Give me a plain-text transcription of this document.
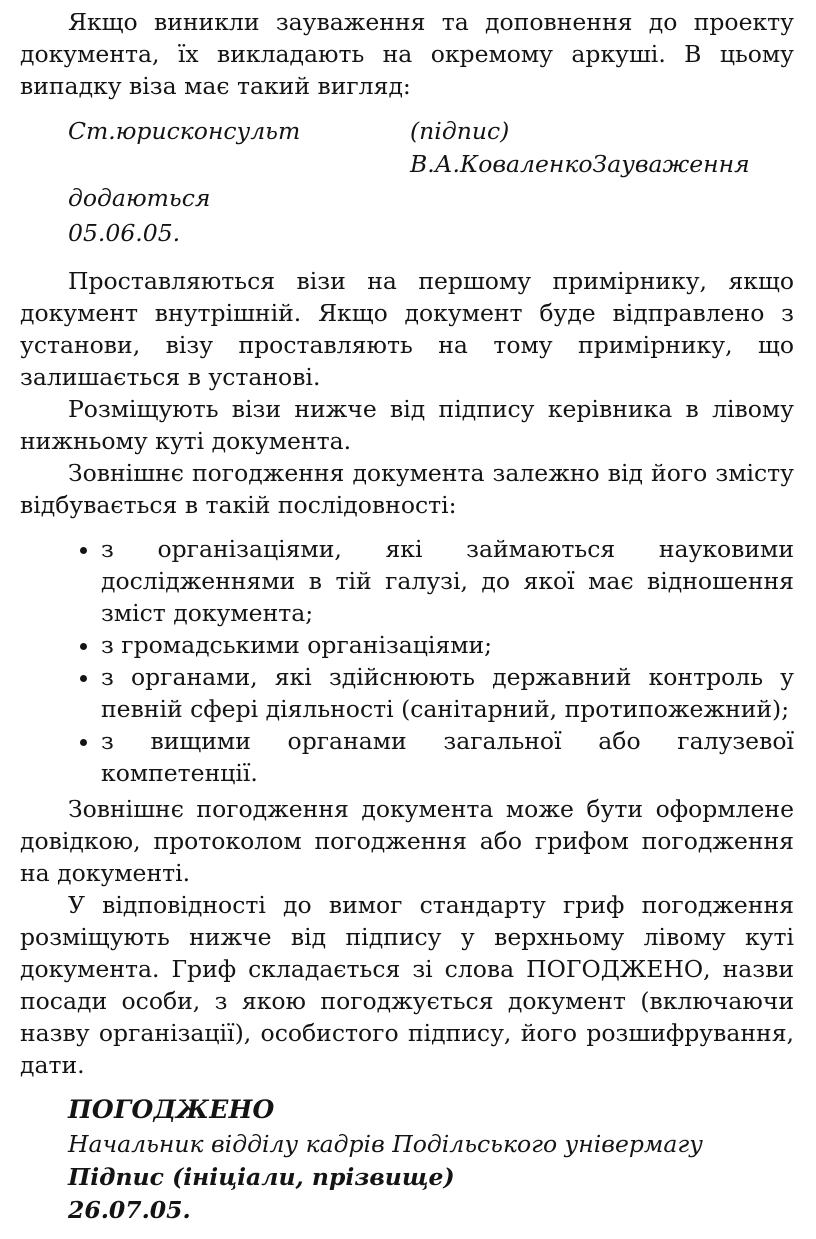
Якщо виникли зауваження та доповнення до проекту документа, їх викладають на окремому аркуші. В цьому випадку віза має такий вигляд:

Ст.юрисконсульт	(підпис)
В.А.КоваленкоЗауваження
додаються
05.06.05.

Проставляються візи на першому примірнику, якщо документ внутрішній. Якщо документ буде відправлено з установи, візу проставляють на тому примірнику, що залишається в установі.

Розміщують візи нижче від підпису керівника в лівому нижньому куті документа.

Зовнішнє погодження документа залежно від його змісту відбувається в такій послідовності:

• з організаціями, які займаються науковими дослідженнями в тій галузі, до якої має відношення зміст документа;
• з громадськими організаціями;
• з органами, які здійснюють державний контроль у певній сфері діяльності (санітарний, протипожежний);
• з вищими органами загальної або галузевої компетенції.

Зовнішнє погодження документа може бути оформлене довідкою, протоколом погодження або грифом погодження на документі.

У відповідності до вимог стандарту гриф погодження розміщують нижче від підпису у верхньому лівому куті документа. Гриф складається зі слова ПОГОДЖЕНО, назви посади особи, з якою погоджується документ (включаючи назву організації), особистого підпису, його розшифрування, дати.

ПОГОДЖЕНО
Начальник відділу кадрів Подільського універмагу
Підпис (ініціали, прізвище)
26.07.05.
